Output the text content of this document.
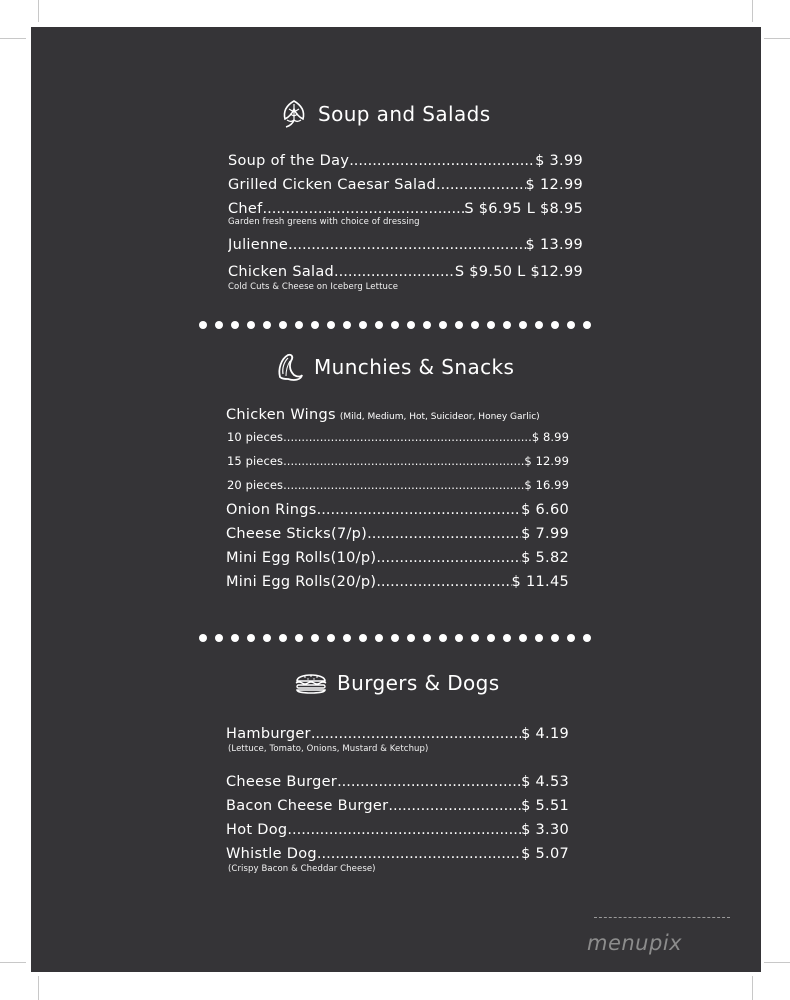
Soup and Salads
Soup of the Day .....	$ 3.99
Grilled Cicken Caesar Salad .....	$ 12.99
Chef .....	S $6.95 L $8.95
Garden fresh greens with choice of dressing
Julienne .....	$ 13.99
Chicken Salad .....	S $9.50 L $12.99
Cold Cuts & Cheese on Iceberg Lettuce
Munchies & Snacks
Chicken Wings (Mild, Medium, Hot, Suicideor, Honey Garlic)
10 pieces .....	$ 8.99
15 pieces .....	$ 12.99
20 pieces .....	$ 16.99
Onion Rings .....	$ 6.60
Cheese Sticks(7/p) .....	$ 7.99
Mini Egg Rolls(10/p) .....	$ 5.82
Mini Egg Rolls(20/p) .....	$ 11.45
Burgers & Dogs
Hamburger .....	$ 4.19
(Lettuce, Tomato, Onions, Mustard & Ketchup)
Cheese Burger .....	$ 4.53
Bacon Cheese Burger .....	$ 5.51
Hot Dog .....	$ 3.30
Whistle Dog .....	$ 5.07
(Crispy Bacon & Cheddar Cheese)
menupix
